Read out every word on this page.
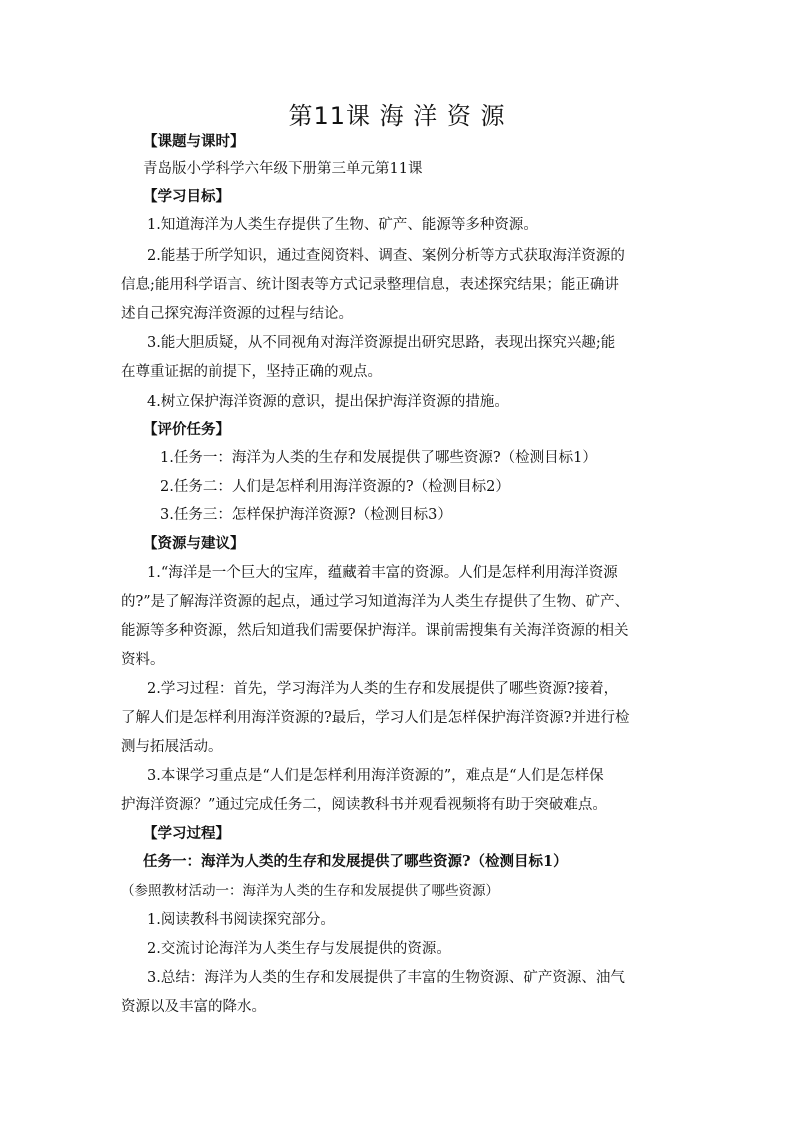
第11课 海 洋 资 源
【课题与课时】
青岛版小学科学六年级下册第三单元第11课
【学习目标】
1.知道海洋为人类生存提供了生物、矿产、能源等多种资源。
2.能基于所学知识，通过查阅资料、调查、案例分析等方式获取海洋资源的
信息;能用科学语言、统计图表等方式记录整理信息，表述探究结果；能正确讲
述自己探究海洋资源的过程与结论。
3.能大胆质疑，从不同视角对海洋资源提出研究思路，表现出探究兴趣;能
在尊重证据的前提下，坚持正确的观点。
4.树立保护海洋资源的意识，提出保护海洋资源的措施。
【评价任务】
1.任务一：海洋为人类的生存和发展提供了哪些资源?（检测目标1）
2.任务二：人们是怎样利用海洋资源的?（检测目标2）
3.任务三：怎样保护海洋资源?（检测目标3）
【资源与建议】
1.“海洋是一个巨大的宝库，蕴藏着丰富的资源。人们是怎样利用海洋资源
的?”是了解海洋资源的起点，通过学习知道海洋为人类生存提供了生物、矿产、
能源等多种资源，然后知道我们需要保护海洋。课前需搜集有关海洋资源的相关
资料。
2.学习过程：首先，学习海洋为人类的生存和发展提供了哪些资源?接着，
了解人们是怎样利用海洋资源的?最后，学习人们是怎样保护海洋资源?并进行检
测与拓展活动。
3.本课学习重点是“人们是怎样利用海洋资源的”，难点是“人们是怎样保
护海洋资源？”通过完成任务二，阅读教科书并观看视频将有助于突破难点。
【学习过程】
任务一：海洋为人类的生存和发展提供了哪些资源?（检测目标1）
（参照教材活动一：海洋为人类的生存和发展提供了哪些资源）
1.阅读教科书阅读探究部分。
2.交流讨论海洋为人类生存与发展提供的资源。
3.总结：海洋为人类的生存和发展提供了丰富的生物资源、矿产资源、油气
资源以及丰富的降水。
